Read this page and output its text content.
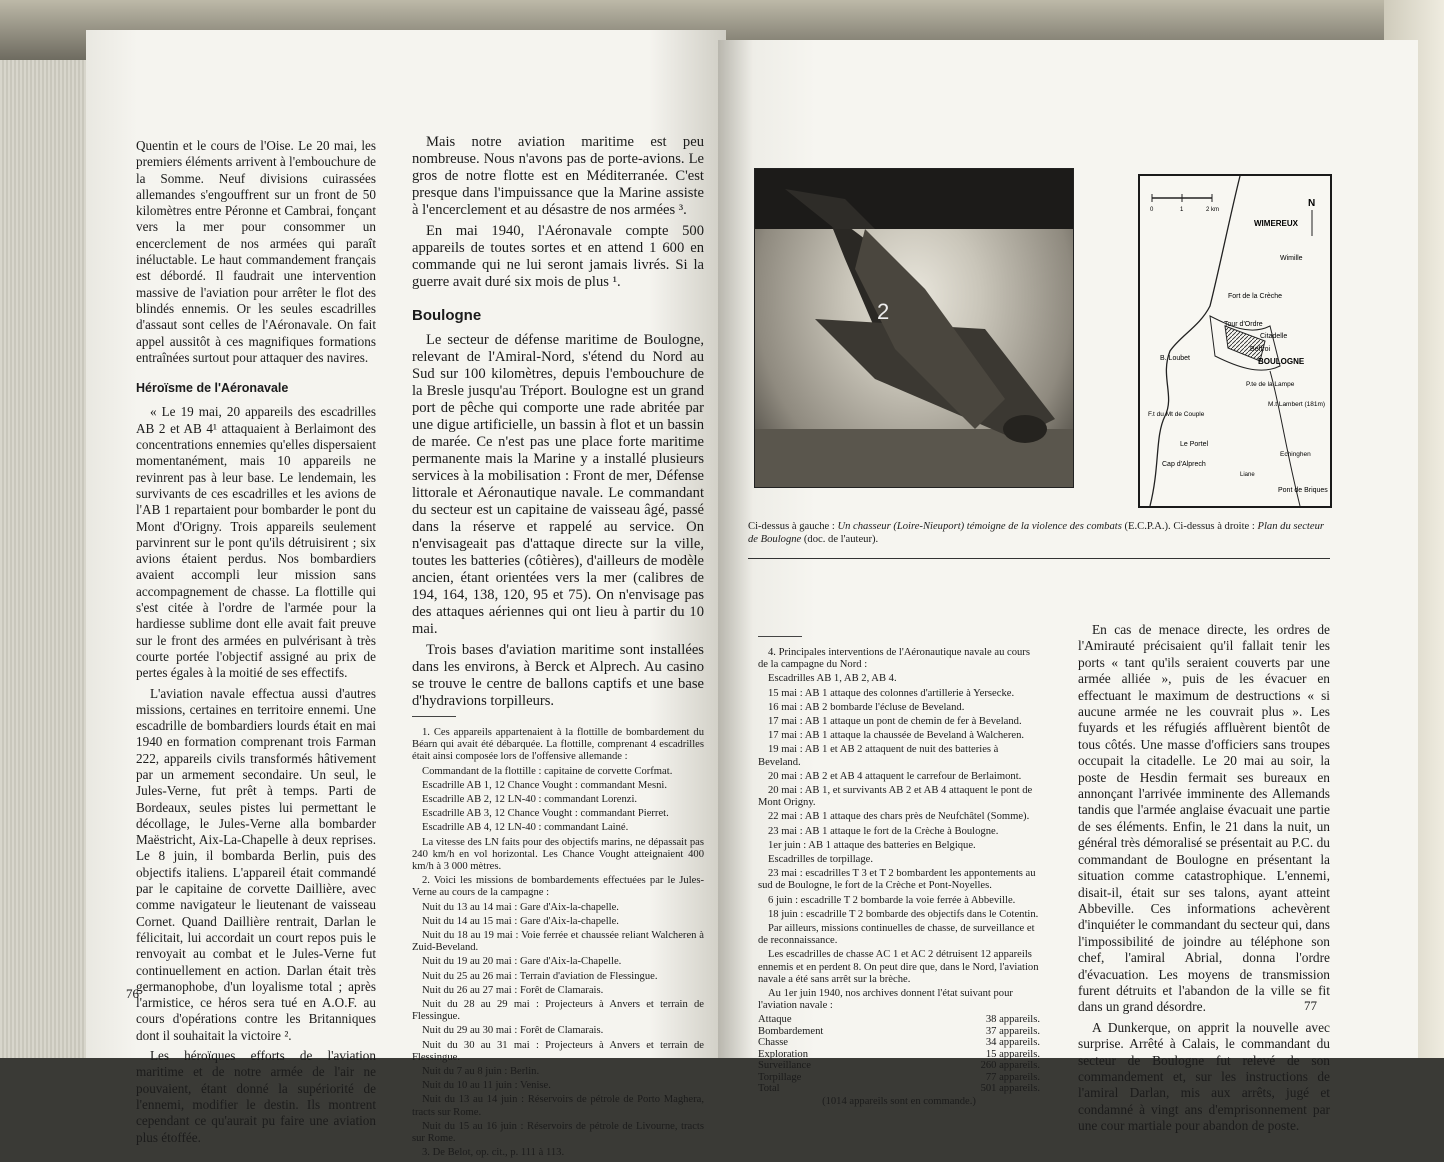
Quentin et le cours de l'Oise. Le 20 mai, les premiers éléments arrivent à l'embouchure de la Somme. Neuf divisions cuirassées allemandes s'engouffrent sur un front de 50 kilomètres entre Péronne et Cambrai, fonçant vers la mer pour consommer un encerclement de nos armées qui paraît inéluctable. Le haut commandement français est débordé. Il faudrait une intervention massive de l'aviation pour arrêter le flot des blindés ennemis. Or les seules escadrilles d'assaut sont celles de l'Aéronavale. On fait appel aussitôt à ces magnifiques formations entraînées surtout pour attaquer des navires.

Héroïsme de l'Aéronavale

« Le 19 mai, 20 appareils des escadrilles AB 2 et AB 4¹ attaquaient à Berlaimont des concentrations ennemies qu'elles dispersaient momentanément, mais 10 appareils ne revinrent pas à leur base. Le lendemain, les survivants de ces escadrilles et les avions de l'AB 1 repartaient pour bombarder le pont du Mont d'Origny. Trois appareils seulement parvinrent sur le pont qu'ils détruisirent ; six avions étaient perdus. Nos bombardiers avaient accompli leur mission sans accompagnement de chasse. La flottille qui s'est citée à l'ordre de l'armée pour la hardiesse sublime dont elle avait fait preuve sur le front des armées en pulvérisant à très courte portée l'objectif assigné au prix de pertes égales à la moitié de ses effectifs.

L'aviation navale effectua aussi d'autres missions, certaines en territoire ennemi. Une escadrille de bombardiers lourds était en mai 1940 en formation comprenant trois Farman 222, appareils civils transformés hâtivement par un armement secondaire. Un seul, le Jules-Verne, fut prêt à temps. Parti de Bordeaux, seules pistes lui permettant le décollage, le Jules-Verne alla bombarder Maëstricht, Aix-La-Chapelle à deux reprises. Le 8 juin, il bombarda Berlin, puis des objectifs italiens. L'appareil était commandé par le capitaine de corvette Daillière, avec comme navigateur le lieutenant de vaisseau Cornet. Quand Daillière rentrait, Darlan le félicitait, lui accordait un court repos puis le renvoyait au combat et le Jules-Verne fut continuellement en action. Darlan était très germanophobe, d'un loyalisme total ; après l'armistice, ce héros sera tué en A.O.F. au cours d'opérations contre les Britanniques dont il souhaitait la victoire ².

Les héroïques efforts de l'aviation maritime et de notre armée de l'air ne pouvaient, étant donné la supériorité de l'ennemi, modifier le destin. Ils montrent cependant ce qu'aurait pu faire une aviation plus étoffée.

76

Mais notre aviation maritime est peu nombreuse. Nous n'avons pas de porte-avions. Le gros de notre flotte est en Méditerranée. C'est presque dans l'impuissance que la Marine assiste à l'encerclement et au désastre de nos armées ³.

En mai 1940, l'Aéronavale compte 500 appareils de toutes sortes et en attend 1 600 en commande qui ne lui seront jamais livrés. Si la guerre avait duré six mois de plus ¹.

Boulogne

Le secteur de défense maritime de Boulogne, relevant de l'Amiral-Nord, s'étend du Nord au Sud sur 100 kilomètres, depuis l'embouchure de la Bresle jusqu'au Tréport. Boulogne est un grand port de pêche qui comporte une rade abritée par une digue artificielle, un bassin à flot et un bassin de marée. Ce n'est pas une place forte maritime permanente mais la Marine y a installé plusieurs services à la mobilisation : Front de mer, Défense littorale et Aéronautique navale. Le commandant du secteur est un capitaine de vaisseau âgé, passé dans la réserve et rappelé au service. On n'envisageait pas d'attaque directe sur la ville, toutes les batteries (côtières), d'ailleurs de modèle ancien, étant orientées vers la mer (calibres de 194, 164, 138, 120, 95 et 75). On n'envisage pas des attaques aériennes qui ont lieu à partir du 10 mai.

Trois bases d'aviation maritime sont installées dans les environs, à Berck et Alprech. Au casino se trouve le centre de ballons captifs et une base d'hydravions torpilleurs.

1. Ces appareils appartenaient à la flottille de bombardement du Béarn qui avait été débarquée. La flottille, comprenant 4 escadrilles était ainsi composée lors de l'offensive allemande :

Commandant de la flottille : capitaine de corvette Corfmat.

Escadrille AB 1, 12 Chance Vought : commandant Mesni.

Escadrille AB 2, 12 LN-40 : commandant Lorenzi.

Escadrille AB 3, 12 Chance Vought : commandant Pierret.

Escadrille AB 4, 12 LN-40 : commandant Lainé.

La vitesse des LN faits pour des objectifs marins, ne dépassait pas 240 km/h en vol horizontal. Les Chance Vought atteignaient 400 km/h à 3 000 mètres.

2. Voici les missions de bombardements effectuées par le Jules-Verne au cours de la campagne :

Nuit du 13 au 14 mai : Gare d'Aix-la-chapelle.

Nuit du 14 au 15 mai : Gare d'Aix-la-chapelle.

Nuit du 18 au 19 mai : Voie ferrée et chaussée reliant Walcheren à Zuid-Beveland.

Nuit du 19 au 20 mai : Gare d'Aix-la-Chapelle.

Nuit du 25 au 26 mai : Terrain d'aviation de Flessingue.

Nuit du 26 au 27 mai : Forêt de Clamarais.

Nuit du 28 au 29 mai : Projecteurs à Anvers et terrain de Flessingue.

Nuit du 29 au 30 mai : Forêt de Clamarais.

Nuit du 30 au 31 mai : Projecteurs à Anvers et terrain de Flessingue.

Nuit du 7 au 8 juin : Berlin.

Nuit du 10 au 11 juin : Venise.

Nuit du 13 au 14 juin : Réservoirs de pétrole de Porto Maghera, tracts sur Rome.

Nuit du 15 au 16 juin : Réservoirs de pétrole de Livourne, tracts sur Rome.

3. De Belot, op. cit., p. 111 à 113.

2
0	1	2 km
N
WIMEREUX
Wimille
Fort de la Crèche
Tour d'Ordre
Citadelle
Beffroi
BOULOGNE
B. Loubet
P.te de la Lampe
M.t Lambert (181m)
F.t du Mt de Couple
Le Portel
Echinghen
Cap d'Alprech
Liane
Pont de Briques
Ci-dessus à gauche : Un chasseur (Loire-Nieuport) témoigne de la violence des combats (E.C.P.A.). Ci-dessus à droite : Plan du secteur de Boulogne (doc. de l'auteur).

4. Principales interventions de l'Aéronautique navale au cours de la campagne du Nord :

Escadrilles AB 1, AB 2, AB 4.

15 mai : AB 1 attaque des colonnes d'artillerie à Yersecke.

16 mai : AB 2 bombarde l'écluse de Beveland.

17 mai : AB 1 attaque un pont de chemin de fer à Beveland.

17 mai : AB 1 attaque la chaussée de Beveland à Walcheren.

19 mai : AB 1 et AB 2 attaquent de nuit des batteries à Beveland.

20 mai : AB 2 et AB 4 attaquent le carrefour de Berlaimont.

20 mai : AB 1, et survivants AB 2 et AB 4 attaquent le pont de Mont Origny.

22 mai : AB 1 attaque des chars près de Neufchâtel (Somme).

23 mai : AB 1 attaque le fort de la Crèche à Boulogne.

1er juin : AB 1 attaque des batteries en Belgique.

Escadrilles de torpillage.

23 mai : escadrilles T 3 et T 2 bombardent les appontements au sud de Boulogne, le fort de la Crèche et Pont-Noyelles.

6 juin : escadrille T 2 bombarde la voie ferrée à Abbeville.

18 juin : escadrille T 2 bombarde des objectifs dans le Cotentin.

Par ailleurs, missions continuelles de chasse, de surveillance et de reconnaissance.

Les escadrilles de chasse AC 1 et AC 2 détruisent 12 appareils ennemis et en perdent 8. On peut dire que, dans le Nord, l'aviation navale a été sans arrêt sur la brèche.

Au 1er juin 1940, nos archives donnent l'état suivant pour l'aviation navale :

Attaque	38 appareils.
Bombardement	37 appareils.
Chasse	34 appareils.
Exploration	15 appareils.
Surveillance	260 appareils.
Torpillage	77 appareils.
Total	501 appareils.
(1014 appareils sont en commande.)

En cas de menace directe, les ordres de l'Amirauté précisaient qu'il fallait tenir les ports « tant qu'ils seraient couverts par une armée alliée », puis de les évacuer en effectuant le maximum de destructions « si aucune armée ne les couvrait plus ». Les fuyards et les réfugiés affluèrent bientôt de tous côtés. Une masse d'officiers sans troupes occupait la citadelle. Le 20 mai au soir, la poste de Hesdin fermait ses bureaux en annonçant l'arrivée imminente des Allemands tandis que l'armée anglaise évacuait une partie de ses éléments. Enfin, le 21 dans la nuit, un général très démoralisé se présentait au P.C. du commandant de Boulogne en présentant la situation comme catastrophique. L'ennemi, disait-il, était sur ses talons, ayant atteint Abbeville. Ces informations achevèrent d'inquiéter le commandant du secteur qui, dans l'impossibilité de joindre au téléphone son chef, l'amiral Abrial, donna l'ordre d'évacuation. Les moyens de transmission furent détruits et l'abandon de la ville se fit dans un grand désordre.

A Dunkerque, on apprit la nouvelle avec surprise. Arrêté à Calais, le commandant du secteur de Boulogne fut relevé de son commandement et, sur les instructions de l'amiral Darlan, mis aux arrêts, jugé et condamné à vingt ans d'emprisonnement par une cour martiale pour abandon de poste.

77
